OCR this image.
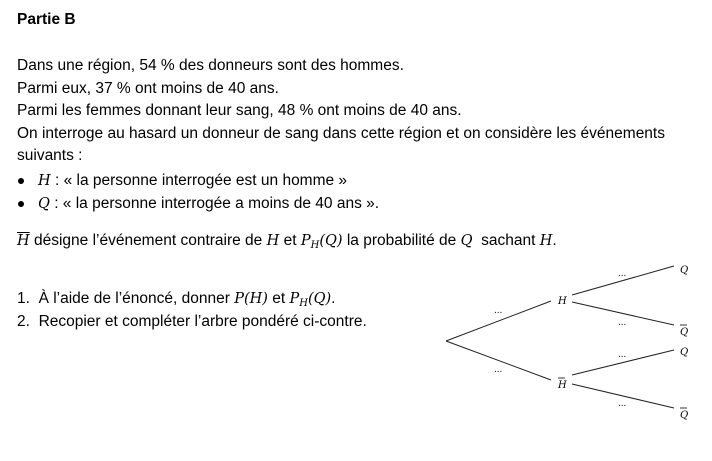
Partie B
Dans une région, 54 % des donneurs sont des hommes.
Parmi eux, 37 % ont moins de 40 ans.
Parmi les femmes donnant leur sang, 48 % ont moins de 40 ans.
On interroge au hasard un donneur de sang dans cette région et on considère les événements
suivants :
H : « la personne interrogée est un homme »
Q : « la personne interrogée a moins de 40 ans ».
$\overline{H}$ désigne l’événement contraire de H et $P_H(Q)$ la probabilité de Q  sachant H.
1. À l’aide de l’énoncé, donner P(H) et $P_H(Q)$.
2. Recopier et compléter l’arbre pondéré ci-contre.
H
H
Q
Q
Q
Q
...
...
...
...
...
...
